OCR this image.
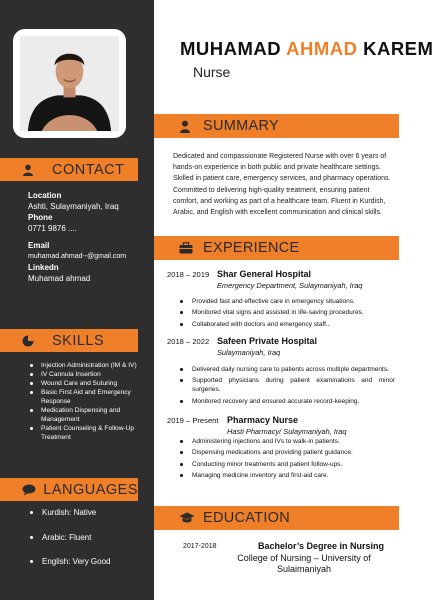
CONTACT
Location
Ashti, Sulaymaniyah, Iraq
Phone
0771 9876 ....
Email
muhamad.ahmad--@gmail.com
Linkedn
Muhamad ahmad
SKILLS
Injection Administration (IM & IV)
IV Cannula Insertion
Wound Care and Suturing
Basic First Aid and Emergency Response
Medication Dispensing and Management
Patient Counseling & Follow-Up Treatment
LANGUAGES
Kurdish: Native
Arabic: Fluent
English: Very Good
MUHAMAD AHMAD KAREM
Nurse
SUMMARY
Dedicated and compassionate Registered Nurse with over 6 years of hands-on experience in both public and private healthcare settings. Skilled in patient care, emergency services, and pharmacy operations. Committed to delivering high-quality treatment, ensuring patient comfort, and working as part of a healthcare team. Fluent in Kurdish, Arabic, and English with excellent communication and clinical skills.
EXPERIENCE
2018 – 2019 Shar General Hospital
Emergency Department, Sulaymaniyah, Iraq
Provided fast and effective care in emergency situations.
Monitored vital signs and assisted in life-saving procedures.
Collaborated with doctors and emergency staff..
2018 – 2022 Safeen Private Hospital
Sulaymaniyah, Iraq
Delivered daily nursing care to patients across multiple departments.
Supported physicians during patient examinations and minor surgeries.
Monitored recovery and ensured accurate record-keeping.
2019 – Present Pharmacy Nurse
Hasti Pharmacy/ Sulaymaniyah, Iraq
Administering injections and IVs to walk-in patients.
Dispensing medications and providing patient guidance.
Conducting minor treatments and patient follow-ups.
Managing medicine inventory and first-aid care.
EDUCATION
2017-2018	Bachelor’s Degree in Nursing
College of Nursing – University of Sulaimaniyah
